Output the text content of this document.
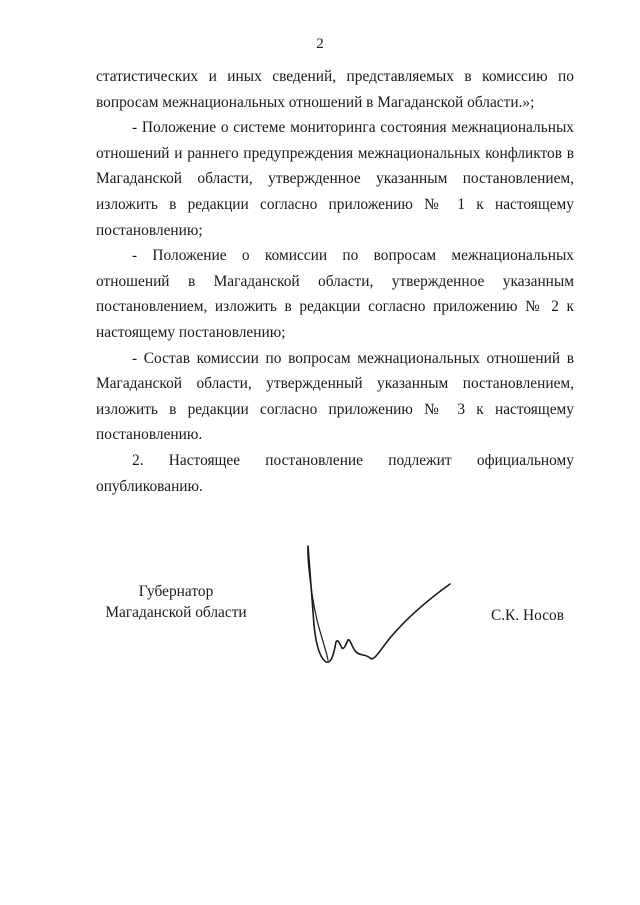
2

статистических и иных сведений, представляемых в комиссию по вопросам межнациональных отношений в Магаданской области.»;

- Положение о системе мониторинга состояния межнациональных отношений и раннего предупреждения межнациональных конфликтов в Магаданской области, утвержденное указанным постановлением, изложить в редакции согласно приложению № 1 к настоящему постановлению;

- Положение о комиссии по вопросам межнациональных отношений в Магаданской области, утвержденное указанным постановлением, изложить в редакции согласно приложению № 2 к настоящему постановлению;

- Состав комиссии по вопросам межнациональных отношений в Магаданской области, утвержденный указанным постановлением, изложить в редакции согласно приложению № 3 к настоящему постановлению.

2. Настоящее постановление подлежит официальному опубликованию.

Губернатор
Магаданской области	С.К. Носов
